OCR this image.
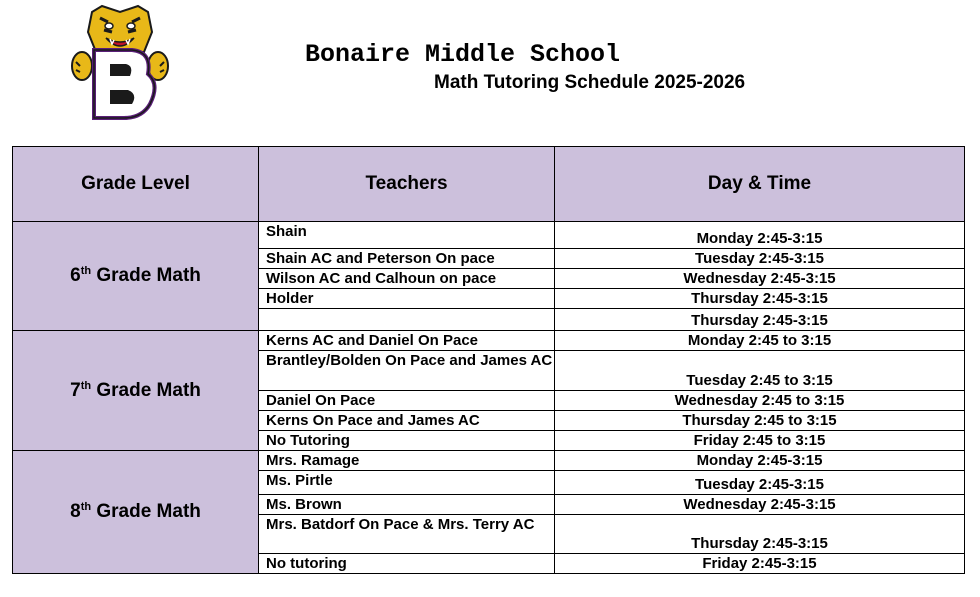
Bonaire Middle School
Math Tutoring Schedule 2025-2026
Grade Level	Teachers	Day & Time
6th Grade Math	Shain	Monday 2:45-3:15
	Shain AC and Peterson On pace	Tuesday 2:45-3:15
	Wilson AC and Calhoun on pace	Wednesday 2:45-3:15
	Holder	Thursday 2:45-3:15
		Thursday 2:45-3:15
7th Grade Math	Kerns AC and Daniel On Pace	Monday 2:45 to 3:15
	Brantley/Bolden On Pace and James AC	Tuesday 2:45 to 3:15
	Daniel On Pace	Wednesday 2:45 to 3:15
	Kerns On Pace and James AC	Thursday 2:45 to 3:15
	No Tutoring	Friday 2:45 to 3:15
8th Grade Math	Mrs. Ramage	Monday 2:45-3:15
	Ms. Pirtle	Tuesday 2:45-3:15
	Ms. Brown	Wednesday 2:45-3:15
	Mrs. Batdorf On Pace & Mrs. Terry AC	Thursday 2:45-3:15
	No tutoring	Friday 2:45-3:15
